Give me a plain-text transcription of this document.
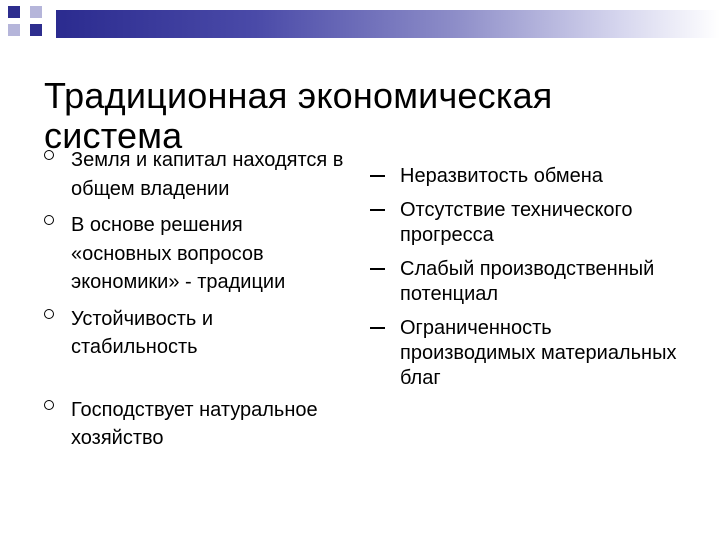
Традиционная экономическая система
Земля и капитал находятся в общем владении
В основе решения «основных вопросов экономики» - традиции
Устойчивость и стабильность
Господствует натуральное хозяйство
Неразвитость обмена
Отсутствие технического прогресса
Слабый производственный потенциал
Ограниченность производимых материальных благ
